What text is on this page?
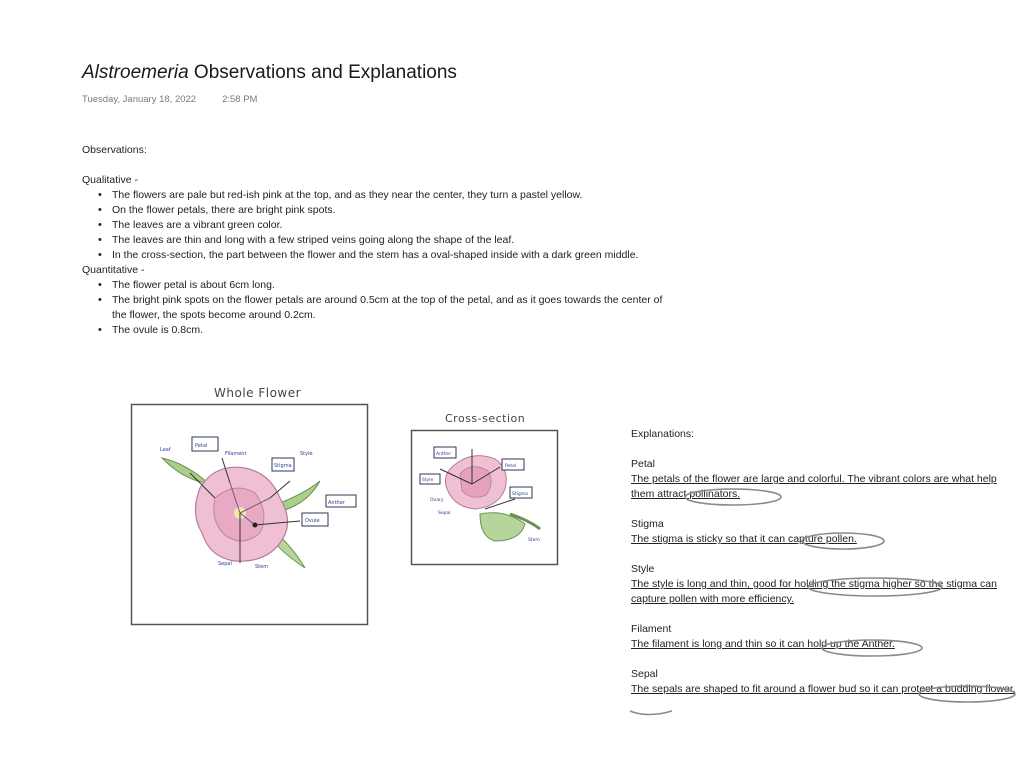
Alstroemeria Observations and Explanations
Tuesday, January 18, 2022	2:58 PM

Observations:

Qualitative -
• The flowers are pale but red-ish pink at the top, and as they near the center, they turn a pastel yellow.
• On the flower petals, there are bright pink spots.
• The leaves are a vibrant green color.
• The leaves are thin and long with a few striped veins going along the shape of the leaf.
• In the cross-section, the part between the flower and the stem has a oval-shaped inside with a dark green middle.
Quantitative -
• The flower petal is about 6cm long.
• The bright pink spots on the flower petals are around 0.5cm at the top of the petal, and as it goes towards the center of the flower, the spots become around 0.2cm.
• The ovule is 0.8cm.
Whole Flower
Petal
Stigma
Ovule
Anther
Style
Filament
Sepal	Stem
Leaf
Cross-section
Petal
Anther
Style
Stigma
Ovary
Sepal
Stem

Explanations:

Petal

The petals of the flower are large and colorful. The vibrant colors are what help them attract pollinators.

Stigma

The stigma is sticky so that it can capture pollen.

Style

The style is long and thin, good for holding the stigma higher so the stigma can capture pollen with more efficiency.

Filament

The filament is long and thin so it can hold up the Anther.

Sepal

The sepals are shaped to fit around a flower bud so it can protect a budding flower.
